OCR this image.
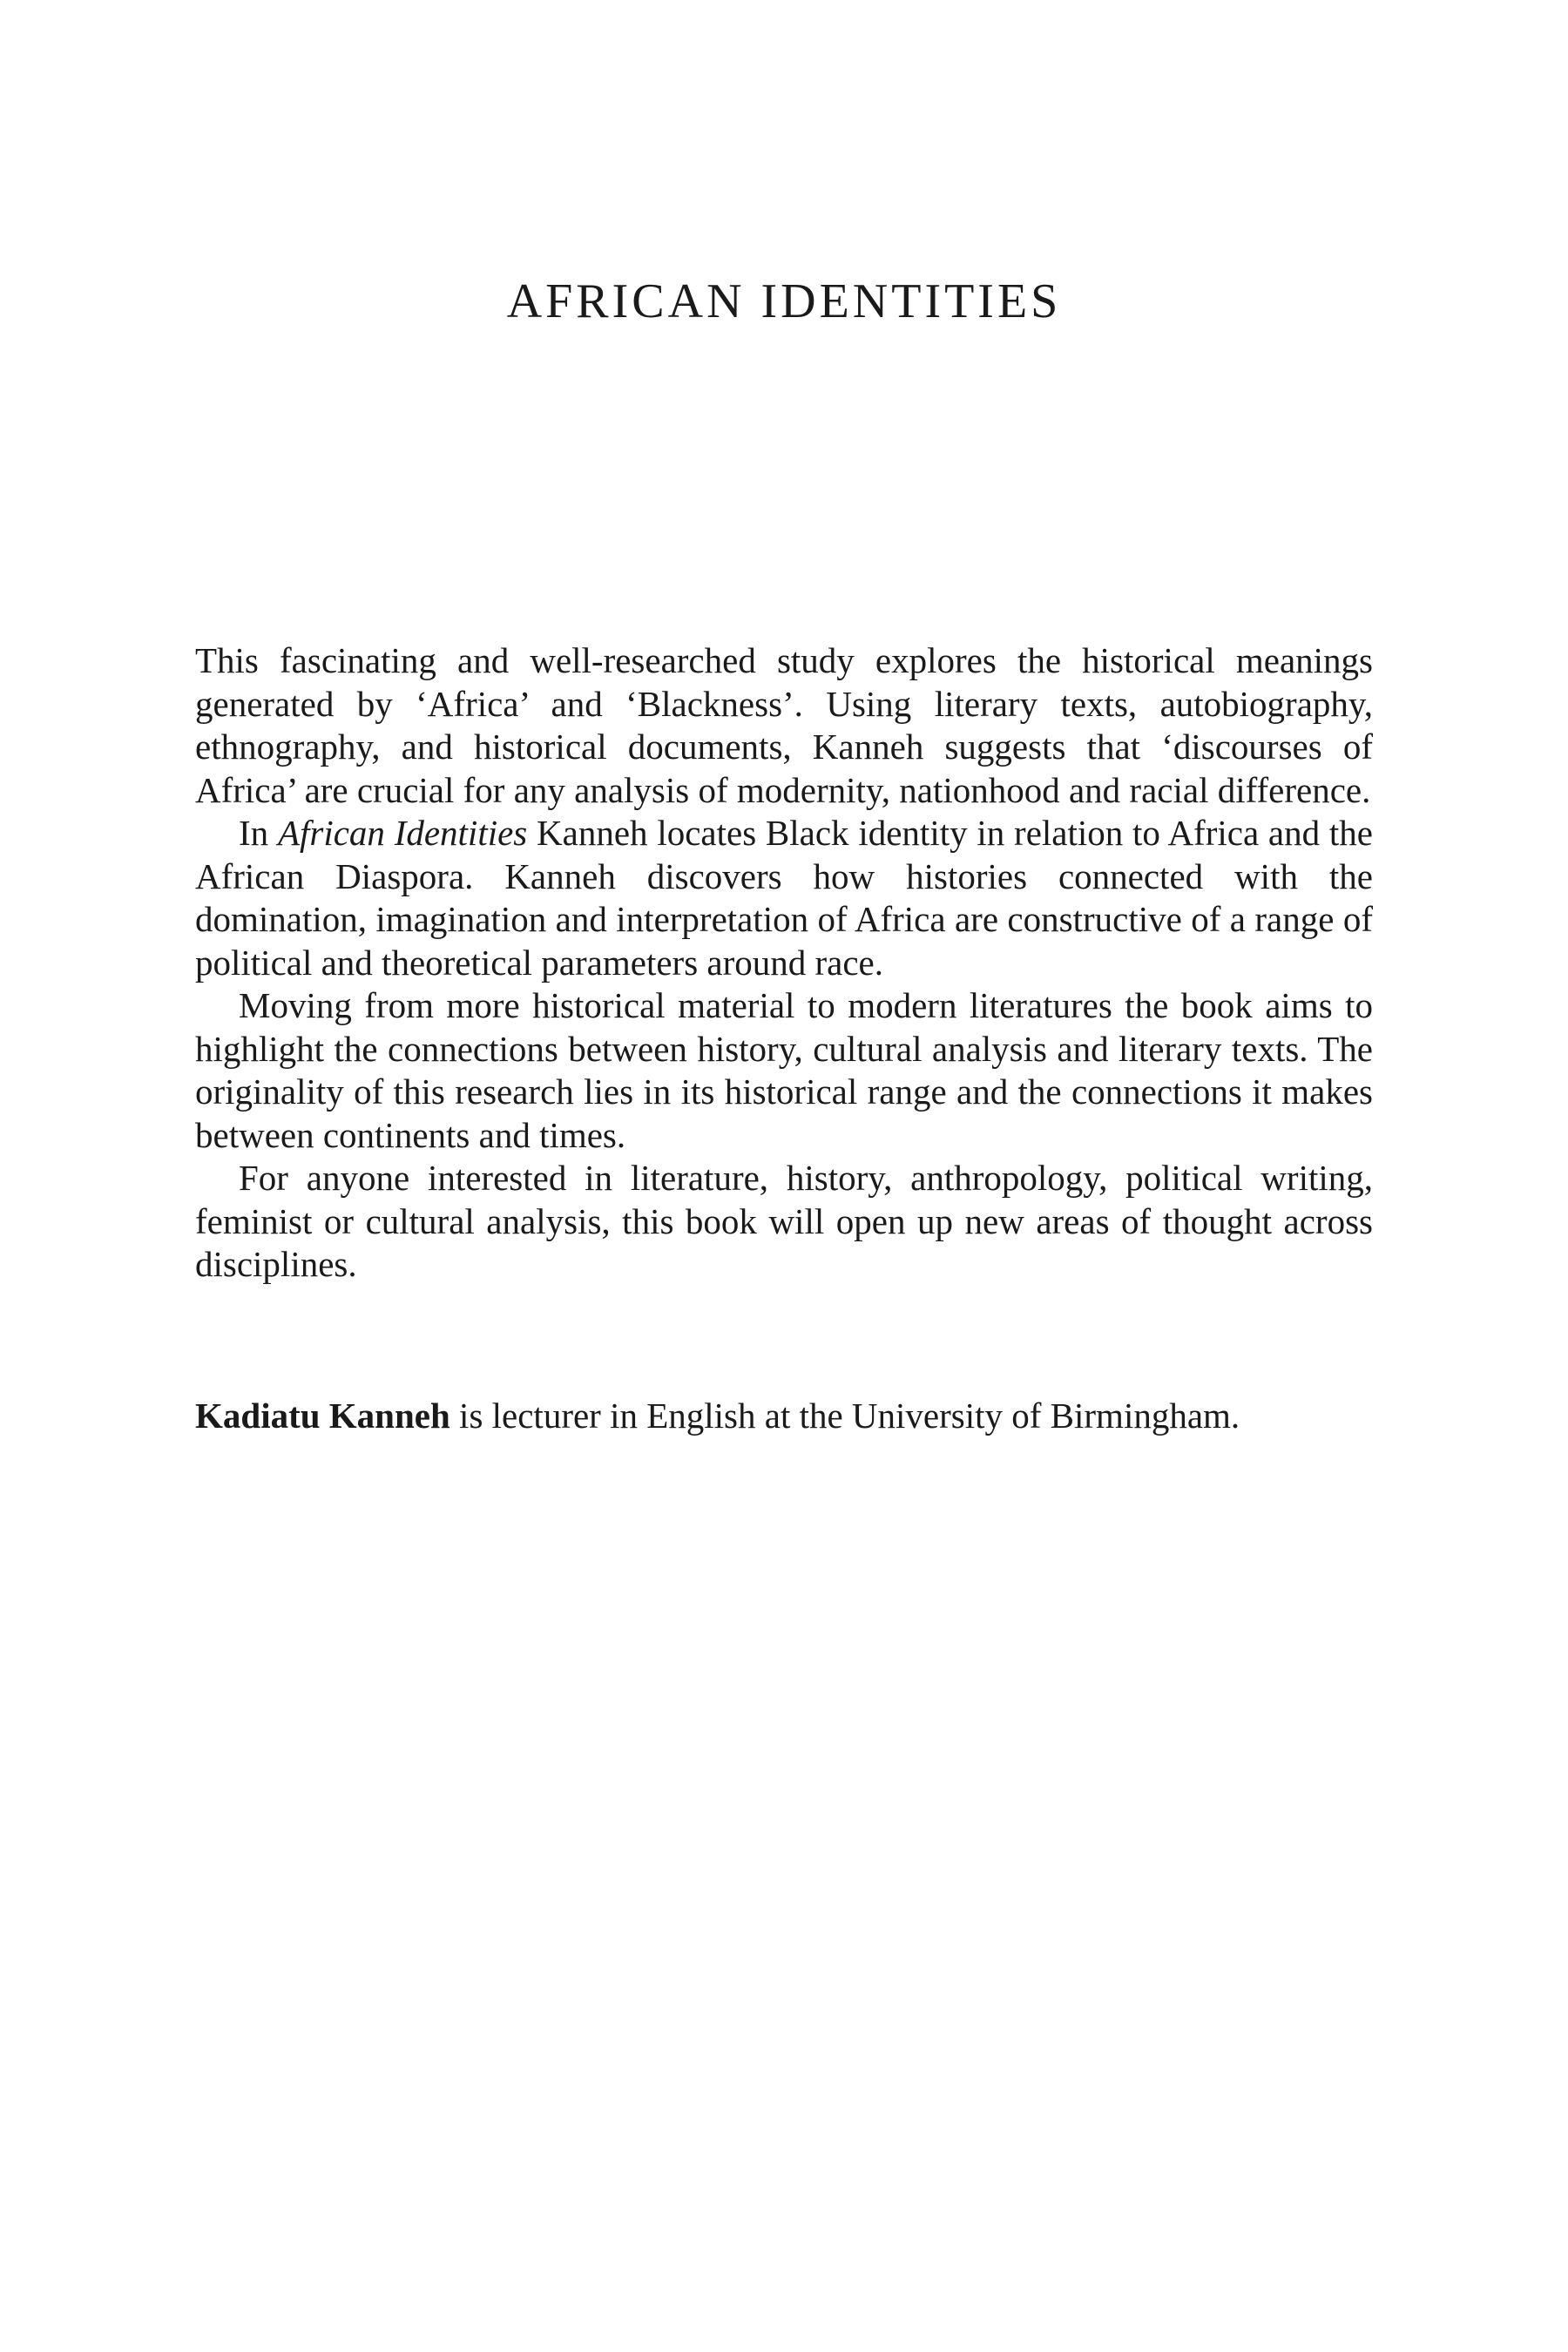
AFRICAN IDENTITIES

This fascinating and well-researched study explores the historical meanings generated by ‘Africa’ and ‘Blackness’. Using literary texts, autobiography, ethnography, and historical documents, Kanneh suggests that ‘discourses of Africa’ are crucial for any analysis of modernity, nationhood and racial difference.

In African Identities Kanneh locates Black identity in relation to Africa and the African Diaspora. Kanneh discovers how histories connected with the domination, imagination and interpretation of Africa are constructive of a range of political and theoretical parameters around race.

Moving from more historical material to modern literatures the book aims to highlight the connections between history, cultural analysis and literary texts. The originality of this research lies in its historical range and the connections it makes between continents and times.

For anyone interested in literature, history, anthropology, political writing, feminist or cultural analysis, this book will open up new areas of thought across disciplines.

Kadiatu Kanneh is lecturer in English at the University of Birmingham.
